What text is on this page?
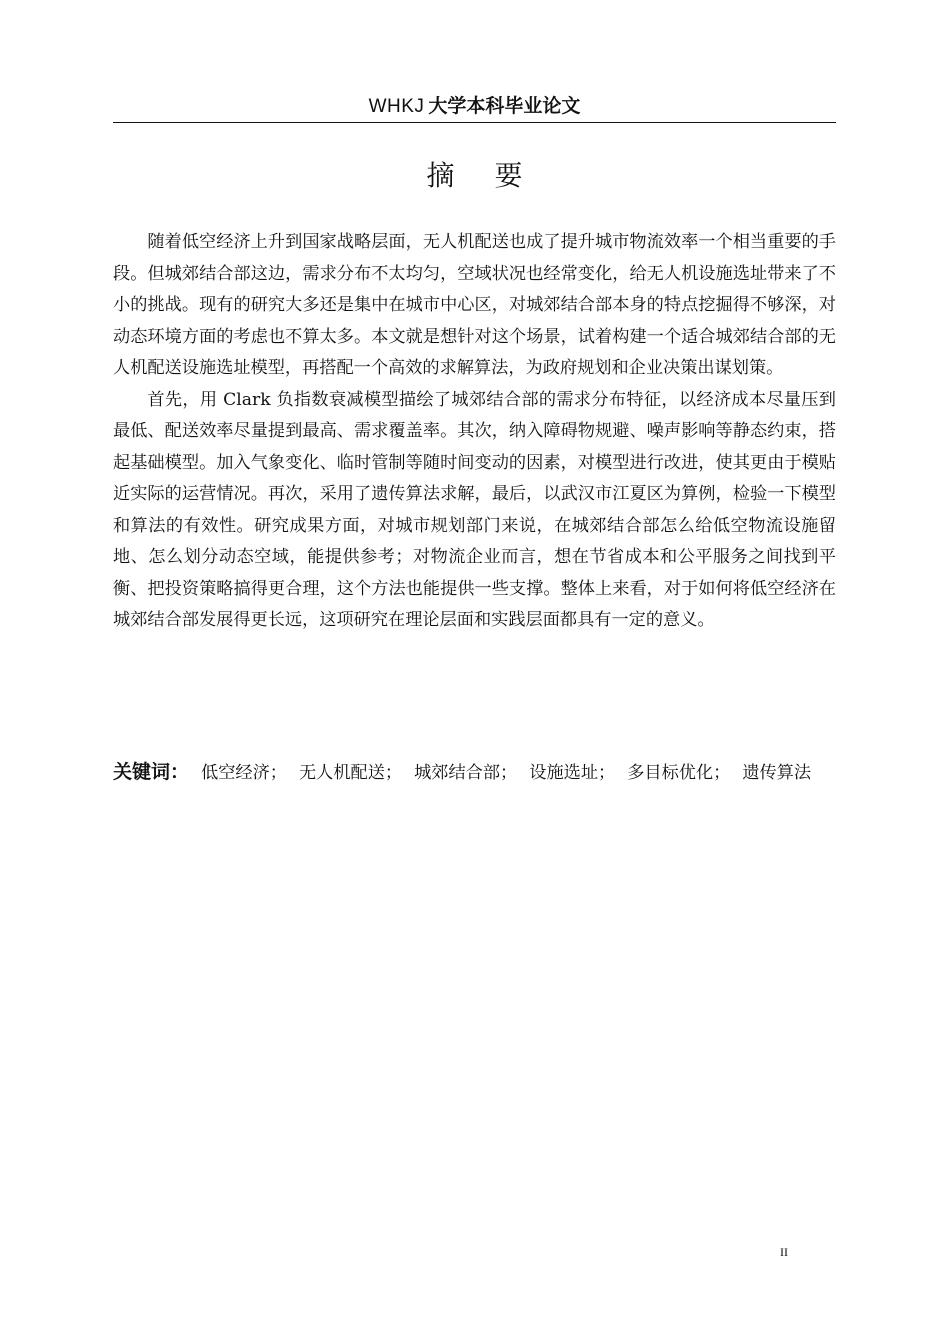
WHKJ 大学本科毕业论文
摘要

随着低空经济上升到国家战略层面，无人机配送也成了提升城市物流效率一个相当重要的手段。但城郊结合部这边，需求分布不太均匀，空域状况也经常变化，给无人机设施选址带来了不小的挑战。现有的研究大多还是集中在城市中心区，对城郊结合部本身的特点挖掘得不够深，对动态环境方面的考虑也不算太多。本文就是想针对这个场景，试着构建一个适合城郊结合部的无人机配送设施选址模型，再搭配一个高效的求解算法，为政府规划和企业决策出谋划策。

首先，用 Clark 负指数衰减模型描绘了城郊结合部的需求分布特征，以经济成本尽量压到最低、配送效率尽量提到最高、需求覆盖率。其次，纳入障碍物规避、噪声影响等静态约束，搭起基础模型。加入气象变化、临时管制等随时间变动的因素，对模型进行改进，使其更由于模贴近实际的运营情况。再次，采用了遗传算法求解，最后，以武汉市江夏区为算例，检验一下模型和算法的有效性。研究成果方面，对城市规划部门来说，在城郊结合部怎么给低空物流设施留地、怎么划分动态空域，能提供参考；对物流企业而言，想在节省成本和公平服务之间找到平衡、把投资策略搞得更合理，这个方法也能提供一些支撑。整体上来看，对于如何将低空经济在城郊结合部发展得更长远，这项研究在理论层面和实践层面都具有一定的意义。

关键词： 低空经济； 无人机配送； 城郊结合部； 设施选址； 多目标优化； 遗传算法
II
